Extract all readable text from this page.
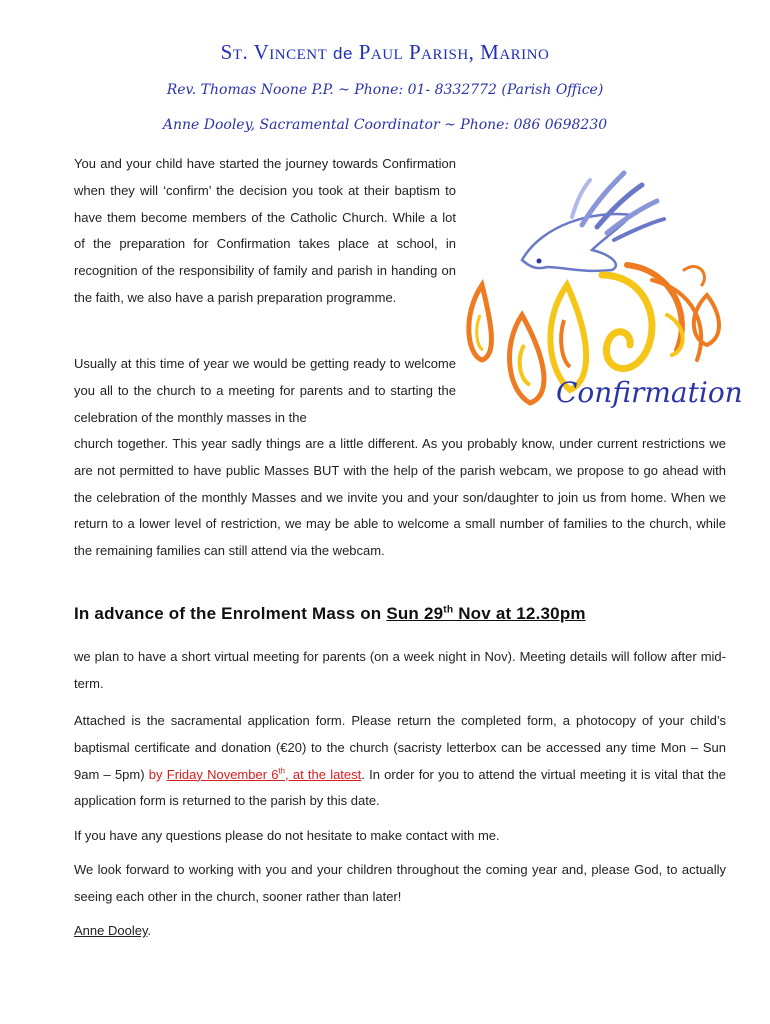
St. Vincent de Paul Parish, Marino
Rev. Thomas Noone P.P. ~ Phone: 01- 8332772 (Parish Office)
Anne Dooley, Sacramental Coordinator ~ Phone: 086 0698230
Confirmation
You and your child have started the journey towards Confirmation when they will ‘confirm’ the decision you took at their baptism to have them become members of the Catholic Church. While a lot of the preparation for Confirmation takes place at school, in recognition of the responsibility of family and parish in handing on the faith, we also have a parish preparation programme.
Usually at this time of year we would be getting ready to welcome you all to the church to a meeting for parents and to starting the celebration of the monthly masses in the
church together. This year sadly things are a little different. As you probably know, under current restrictions we are not permitted to have public Masses BUT with the help of the parish webcam, we propose to go ahead with the celebration of the monthly Masses and we invite you and your son/daughter to join us from home. When we return to a lower level of restriction, we may be able to welcome a small number of families to the church, while the remaining families can still attend via the webcam.
In advance of the Enrolment Mass on Sun 29th Nov at 12.30pm
we plan to have a short virtual meeting for parents (on a week night in Nov). Meeting details will follow after mid-term.
Attached is the sacramental application form. Please return the completed form, a photocopy of your child’s baptismal certificate and donation (€20) to the church (sacristy letterbox can be accessed any time Mon – Sun 9am – 5pm) by Friday November 6th, at the latest. In order for you to attend the virtual meeting it is vital that the application form is returned to the parish by this date.
If you have any questions please do not hesitate to make contact with me.
We look forward to working with you and your children throughout the coming year and, please God, to actually seeing each other in the church, sooner rather than later!
Anne Dooley.
